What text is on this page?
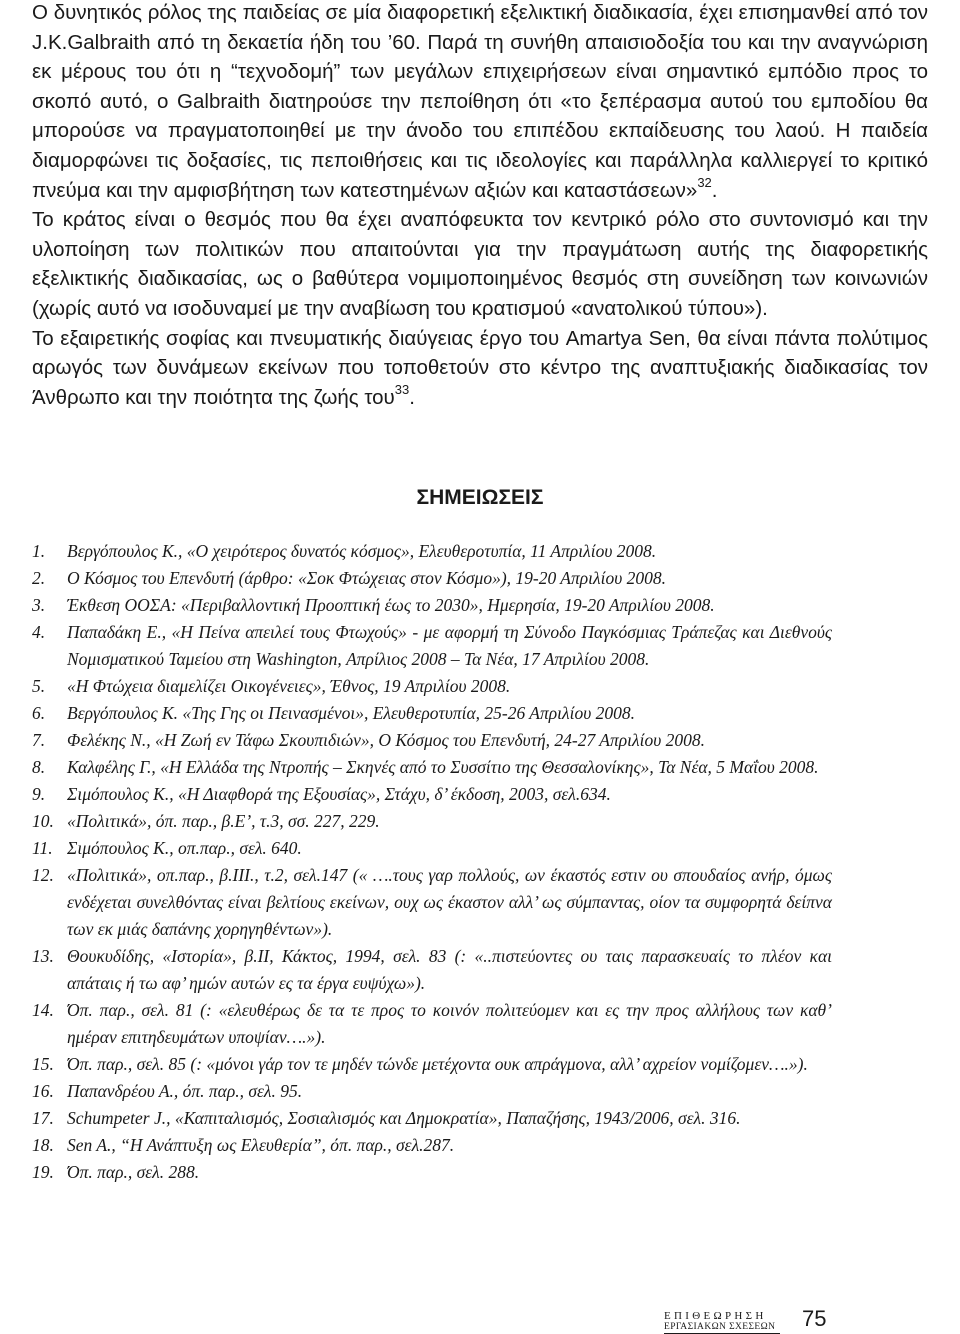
Ο δυνητικός ρόλος της παιδείας σε μία διαφορετική εξελικτική διαδικασία, έχει επισημανθεί από τον J.K.Galbraith από τη δεκαετία ήδη του ’60. Παρά τη συνήθη απαισιοδοξία του και την αναγνώριση εκ μέρους του ότι η “τεχνοδομή” των μεγάλων επιχειρήσεων είναι σημαντικό εμπόδιο προς το σκοπό αυτό, ο Galbraith διατηρούσε την πεποίθηση ότι «το ξεπέρασμα αυτού του εμποδίου θα μπορούσε να πραγματοποιηθεί με την άνοδο του επιπέδου εκπαίδευσης του λαού. Η παιδεία διαμορφώνει τις δοξασίες, τις πεποιθήσεις και τις ιδεολογίες και παράλληλα καλλιεργεί το κριτικό πνεύμα και την αμφισβήτηση των κατεστημένων αξιών και καταστάσεων»$^{32}$.

Το κράτος είναι ο θεσμός που θα έχει αναπόφευκτα τον κεντρικό ρόλο στο συντονισμό και την υλοποίηση των πολιτικών που απαιτούνται για την πραγμάτωση αυτής της διαφορετικής εξελικτικής διαδικασίας, ως ο βαθύτερα νομιμοποιημένος θεσμός στη συνείδηση των κοινωνιών (χωρίς αυτό να ισοδυναμεί με την αναβίωση του κρατισμού «ανατολικού τύπου»).

Το εξαιρετικής σοφίας και πνευματικής διαύγειας έργο του Amartya Sen, θα είναι πάντα πολύτιμος αρωγός των δυνάμεων εκείνων που τοποθετούν στο κέντρο της αναπτυξιακής διαδικασίας τον Άνθρωπο και την ποιότητα της ζωής του$^{33}$.

ΣΗΜΕΙΩΣΕΙΣ
1.	Βεργόπουλος Κ., «Ο χειρότερος δυνατός κόσμος», Ελευθεροτυπία, 11 Απριλίου 2008.
2.	Ο Κόσμος του Επενδυτή (άρθρο: «Σοκ Φτώχειας στον Κόσμο»), 19-20 Απριλίου 2008.
3.	Έκθεση ΟΟΣΑ: «Περιβαλλοντική Προοπτική έως το 2030», Ημερησία, 19-20 Απριλίου 2008.
4.	Παπαδάκη Ε., «Η Πείνα απειλεί τους Φτωχούς» - με αφορμή τη Σύνοδο Παγκόσμιας Τράπεζας και Διεθνούς Νομισματικού Ταμείου στη Washington, Απρίλιος 2008 – Τα Νέα, 17 Απριλίου 2008.
5.	«Η Φτώχεια διαμελίζει Οικογένειες», Έθνος, 19 Απριλίου 2008.
6.	Βεργόπουλος Κ. «Της Γης οι Πεινασμένοι», Ελευθεροτυπία, 25-26 Απριλίου 2008.
7.	Φελέκης Ν., «Η Ζωή εν Τάφω Σκουπιδιών», Ο Κόσμος του Επενδυτή, 24-27 Απριλίου 2008.
8.	Καλφέλης Γ., «Η Ελλάδα της Ντροπής – Σκηνές από το Συσσίτιο της Θεσσαλονίκης», Τα Νέα, 5 Μαΐου 2008.
9.	Σιμόπουλος Κ., «Η Διαφθορά της Εξουσίας», Στάχυ, δ’ έκδοση, 2003, σελ.634.
10. «Πολιτικά», όπ. παρ., β.Ε’, τ.3, σσ. 227, 229.
11. Σιμόπουλος Κ., οπ.παρ., σελ. 640.
12. «Πολιτικά», οπ.παρ., β.ΙΙΙ., τ.2, σελ.147 (« ….τους γαρ πολλούς, ων έκαστός εστιν ου σπουδαίος ανήρ, όμως ενδέχεται συνελθόντας είναι βελτίους εκείνων, ουχ ως έκαστον αλλ’ ως σύμπαντας, οίον τα συμφορητά δείπνα των εκ μιάς δαπάνης χορηγηθέντων»).
13. Θουκυδίδης, «Ιστορία», β.ΙΙ, Κάκτος, 1994, σελ. 83 (: «..πιστεύοντες ου ταις παρασκευαίς το πλέον και απάταις ή τω αφ’ ημών αυτών ες τα έργα ευψύχω»).
14. Όπ. παρ., σελ. 81 (: «ελευθέρως δε τα τε προς το κοινόν πολιτεύομεν και ες την προς αλλήλους των καθ’ ημέραν επιτηδευμάτων υποψίαν….»).
15. Όπ. παρ., σελ. 85 (: «μόνοι γάρ τον τε μηδέν τώνδε μετέχοντα ουκ απράγμονα, αλλ’ αχρείον νομίζομεν….»).
16. Παπανδρέου Α., όπ. παρ., σελ. 95.
17. Schumpeter J., «Καπιταλισμός, Σοσιαλισμός και Δημοκρατία», Παπαζήσης, 1943/2006, σελ. 316.
18. Sen A., “Η Ανάπτυξη ως Ελευθερία”, όπ. παρ., σελ.287.
19. Όπ. παρ., σελ. 288.
ΕΠΙΘΕΩΡΗΣΗ
ΕΡΓΑΣΙΑΚΩΝ ΣΧΕΣΕΩΝ 75
